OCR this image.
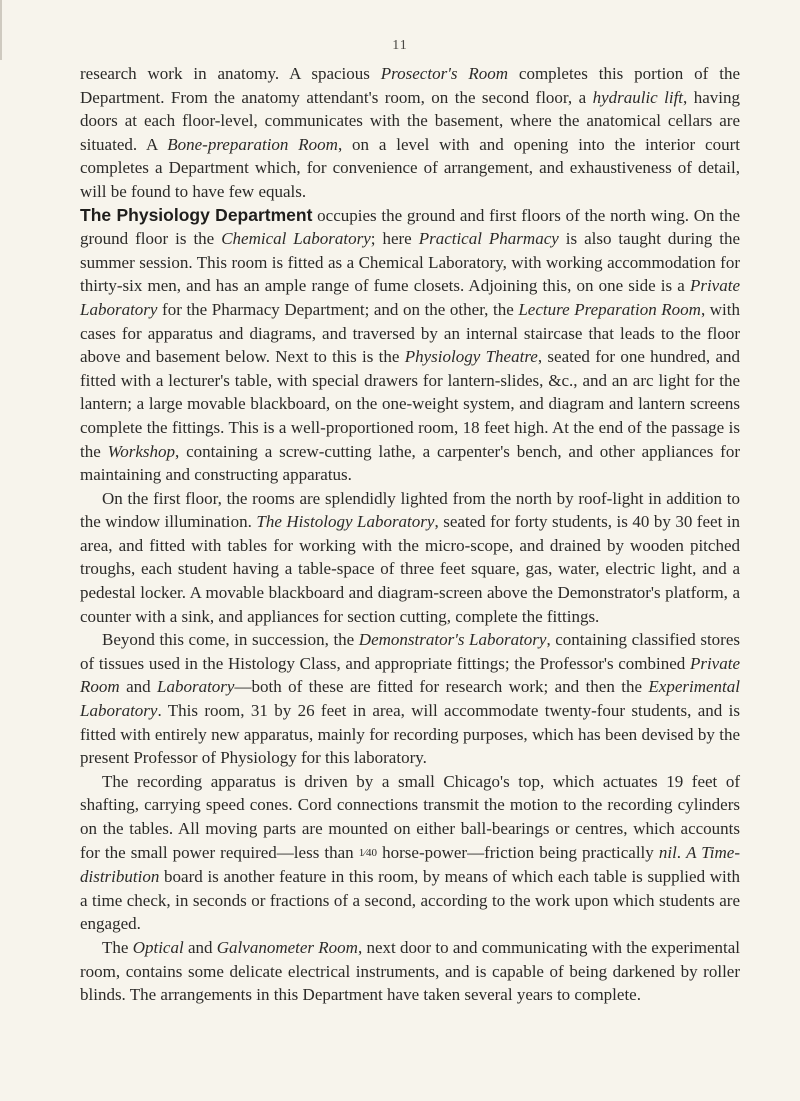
11

research work in anatomy. A spacious Prosector's Room completes this portion of the Department. From the anatomy attendant's room, on the second floor, a hydraulic lift, having doors at each floor-level, communicates with the basement, where the anatomical cellars are situated. A Bone-preparation Room, on a level with and opening into the interior court completes a Department which, for convenience of arrangement, and exhaustiveness of detail, will be found to have few equals.

The Physiology Department occupies the ground and first floors of the north wing. On the ground floor is the Chemical Laboratory; here Practical Pharmacy is also taught during the summer session. This room is fitted as a Chemical Laboratory, with working accommodation for thirty-six men, and has an ample range of fume closets. Adjoining this, on one side is a Private Laboratory for the Pharmacy Department; and on the other, the Lecture Preparation Room, with cases for apparatus and diagrams, and traversed by an internal staircase that leads to the floor above and basement below. Next to this is the Physiology Theatre, seated for one hundred, and fitted with a lecturer's table, with special drawers for lantern-slides, &c., and an arc light for the lantern; a large movable blackboard, on the one-weight system, and diagram and lantern screens complete the fittings. This is a well-proportioned room, 18 feet high. At the end of the passage is the Workshop, containing a screw-cutting lathe, a carpenter's bench, and other appliances for maintaining and constructing apparatus.

On the first floor, the rooms are splendidly lighted from the north by roof-light in addition to the window illumination. The Histology Laboratory, seated for forty students, is 40 by 30 feet in area, and fitted with tables for working with the micro-scope, and drained by wooden pitched troughs, each student having a table-space of three feet square, gas, water, electric light, and a pedestal locker. A movable blackboard and diagram-screen above the Demonstrator's platform, a counter with a sink, and appliances for section cutting, complete the fittings.

Beyond this come, in succession, the Demonstrator's Laboratory, containing classified stores of tissues used in the Histology Class, and appropriate fittings; the Professor's combined Private Room and Laboratory—both of these are fitted for research work; and then the Experimental Laboratory. This room, 31 by 26 feet in area, will accommodate twenty-four students, and is fitted with entirely new apparatus, mainly for recording purposes, which has been devised by the present Professor of Physiology for this laboratory.

The recording apparatus is driven by a small Chicago's top, which actuates 19 feet of shafting, carrying speed cones. Cord connections transmit the motion to the recording cylinders on the tables. All moving parts are mounted on either ball-bearings or centres, which accounts for the small power required—less than 1⁄40 horse-power—friction being practically nil. A Time-distribution board is another feature in this room, by means of which each table is supplied with a time check, in seconds or fractions of a second, according to the work upon which students are engaged.

The Optical and Galvanometer Room, next door to and communicating with the experimental room, contains some delicate electrical instruments, and is capable of being darkened by roller blinds. The arrangements in this Department have taken several years to complete.
